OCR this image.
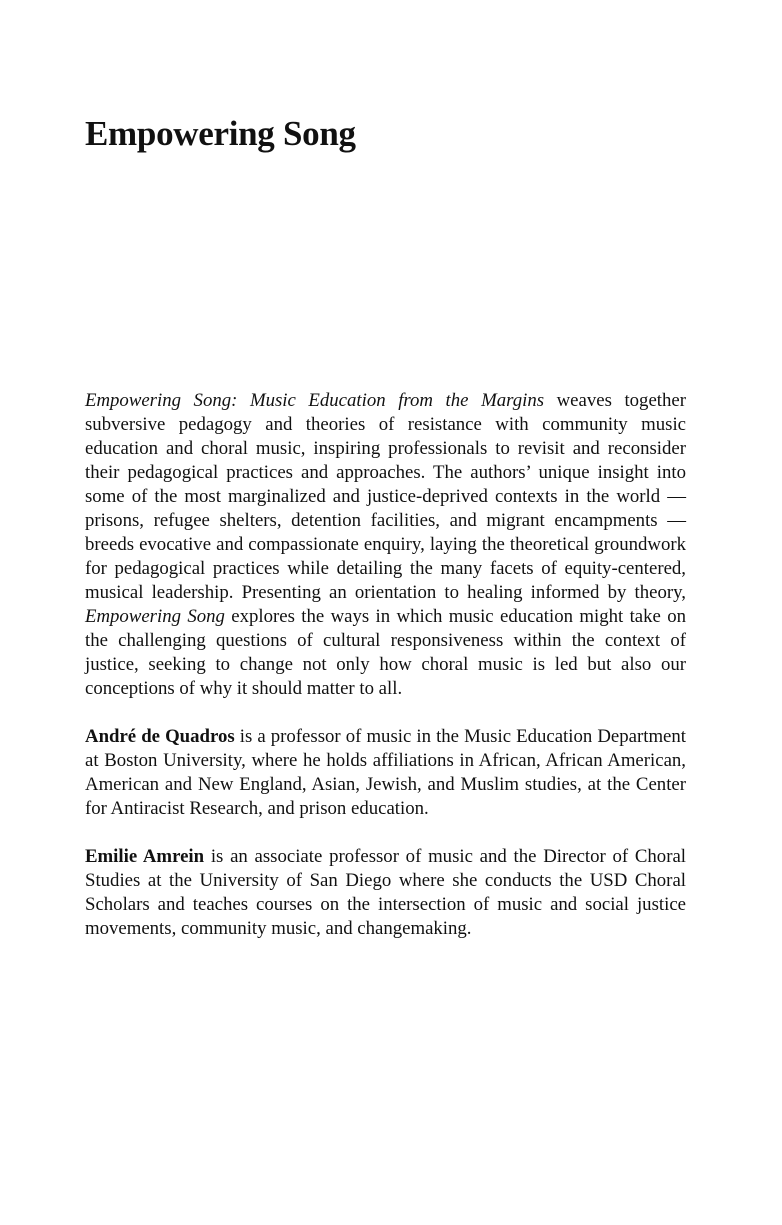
Empowering Song

Empowering Song: Music Education from the Margins weaves together subversive pedagogy and theories of resistance with community music education and choral music, inspiring professionals to revisit and reconsider their pedagogical practices and approaches. The authors’ unique insight into some of the most marginalized and justice-deprived contexts in the world — prisons, refugee shelters, detention facilities, and migrant encampments — breeds evocative and compassionate enquiry, laying the theoretical groundwork for pedagogical practices while detailing the many facets of equity-centered, musical leadership. Presenting an orientation to healing informed by theory, Empowering Song explores the ways in which music education might take on the challenging questions of cultural responsiveness within the context of justice, seeking to change not only how choral music is led but also our conceptions of why it should matter to all.

André de Quadros is a professor of music in the Music Education Department at Boston University, where he holds affiliations in African, African American, American and New England, Asian, Jewish, and Muslim studies, at the Center for Antiracist Research, and prison education.

Emilie Amrein is an associate professor of music and the Director of Choral Studies at the University of San Diego where she conducts the USD Choral Scholars and teaches courses on the intersection of music and social justice movements, community music, and changemaking.
